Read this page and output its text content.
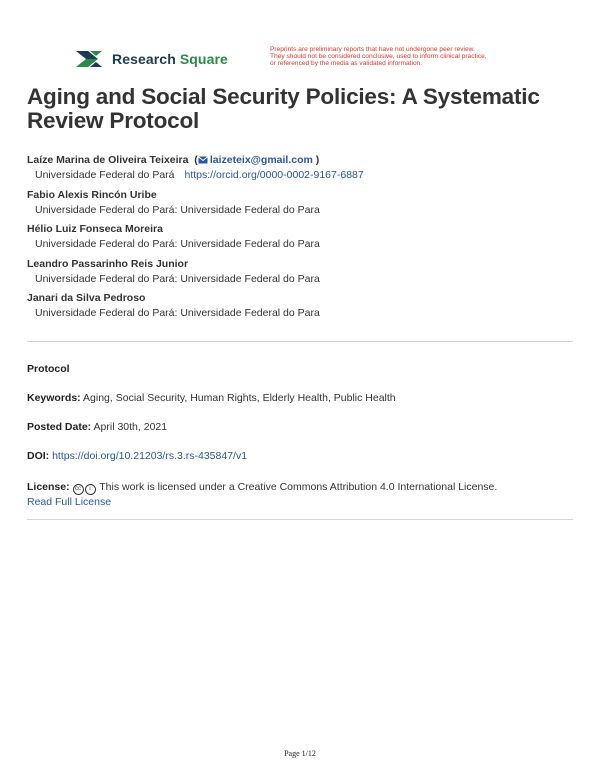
Research Square
Preprints are preliminary reports that have not undergone peer review.
They should not be considered conclusive, used to inform clinical practice,
or referenced by the media as validated information.
Aging and Social Security Policies: A Systematic Review Protocol
Laíze Marina de Oliveira Teixeira  ( laizeteix@gmail.com )
Universidade Federal do Pará https://orcid.org/0000-0002-9167-6887
Fabio Alexis Rincón Uribe
Universidade Federal do Pará: Universidade Federal do Para
Hélio Luiz Fonseca Moreira
Universidade Federal do Pará: Universidade Federal do Para
Leandro Passarinho Reis Junior
Universidade Federal do Pará: Universidade Federal do Para
Janari da Silva Pedroso
Universidade Federal do Pará: Universidade Federal do Para
Protocol
Keywords: Aging, Social Security, Human Rights, Elderly Health, Public Health
Posted Date: April 30th, 2021
DOI: https://doi.org/10.21203/rs.3.rs-435847/v1
License: cc i This work is licensed under a Creative Commons Attribution 4.0 International License.
Read Full License
Page 1/12
